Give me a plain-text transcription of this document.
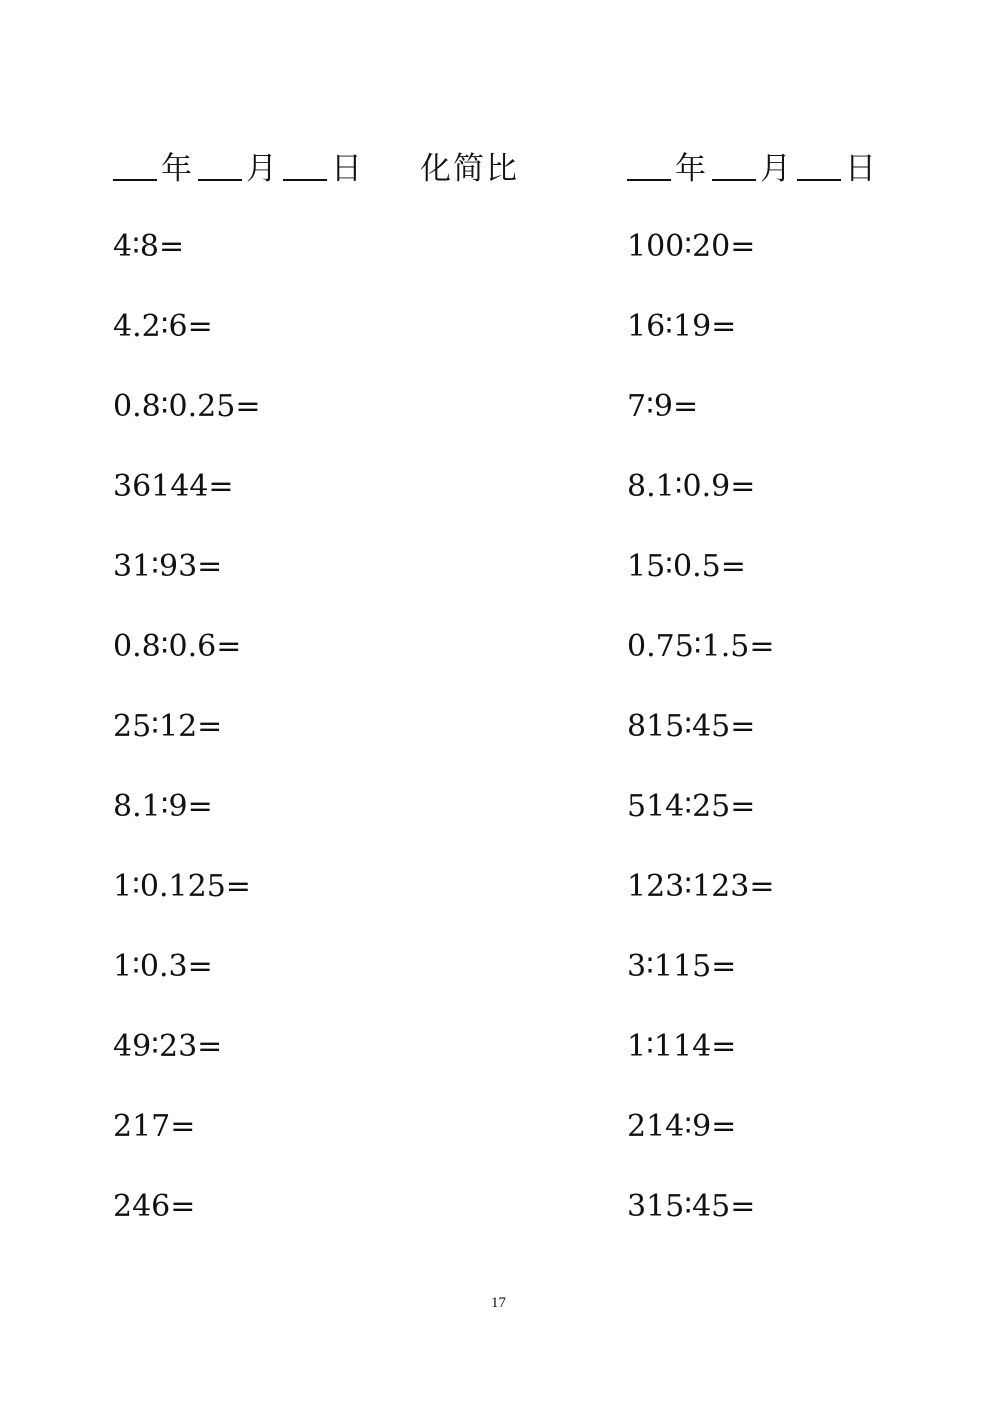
年 月 日 化简比	年 月 日
4∶8=
4.2∶6=
0.8∶0.25=
36144=
31∶93=
0.8∶0.6=
25∶12=
8.1∶9=
1∶0.125=
1∶0.3=
49∶23=
217=
246=
100∶20=
16∶19=
7∶9=
8.1∶0.9=
15∶0.5=
0.75∶1.5=
815∶45=
514∶25=
123∶123=
3∶115=
1∶114=
214∶9=
315∶45=
17
